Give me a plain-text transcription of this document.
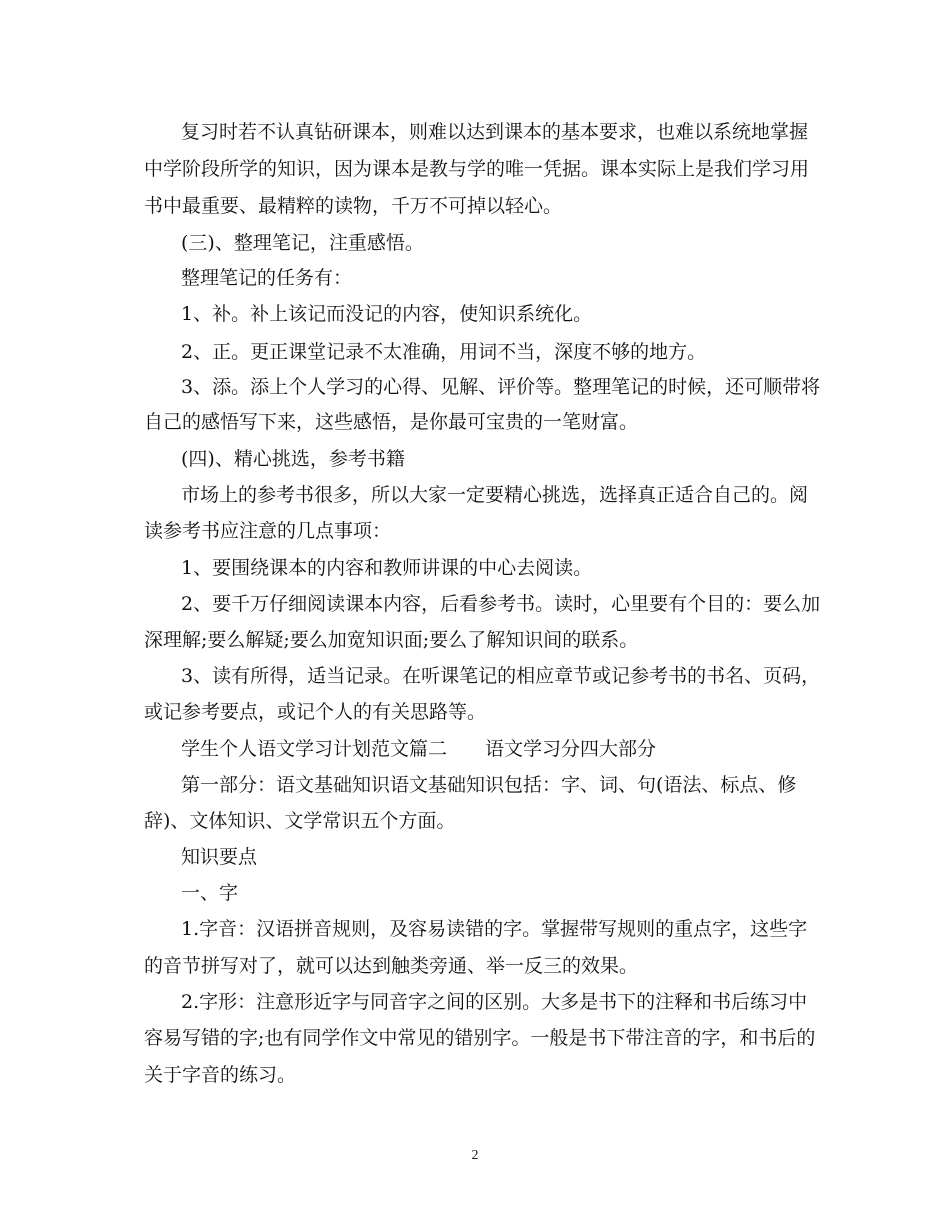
复习时若不认真钻研课本，则难以达到课本的基本要求，也难以系统地掌握
中学阶段所学的知识，因为课本是教与学的唯一凭据。课本实际上是我们学习用
书中最重要、最精粹的读物，千万不可掉以轻心。
(三)、整理笔记，注重感悟。
整理笔记的任务有：
1、补。补上该记而没记的内容，使知识系统化。
2、正。更正课堂记录不太准确，用词不当，深度不够的地方。
3、添。添上个人学习的心得、见解、评价等。整理笔记的时候，还可顺带将
自己的感悟写下来，这些感悟，是你最可宝贵的一笔财富。
(四)、精心挑选，参考书籍
市场上的参考书很多，所以大家一定要精心挑选，选择真正适合自己的。阅
读参考书应注意的几点事项：
1、要围绕课本的内容和教师讲课的中心去阅读。
2、要千万仔细阅读课本内容，后看参考书。读时，心里要有个目的：要么加
深理解;要么解疑;要么加宽知识面;要么了解知识间的联系。
3、读有所得，适当记录。在听课笔记的相应章节或记参考书的书名、页码，
或记参考要点，或记个人的有关思路等。
学生个人语文学习计划范文篇二　　语文学习分四大部分
第一部分：语文基础知识语文基础知识包括：字、词、句(语法、标点、修
辞)、文体知识、文学常识五个方面。
知识要点
一、字
1.字音：汉语拼音规则，及容易读错的字。掌握带写规则的重点字，这些字
的音节拼写对了，就可以达到触类旁通、举一反三的效果。
2.字形：注意形近字与同音字之间的区别。大多是书下的注释和书后练习中
容易写错的字;也有同学作文中常见的错别字。一般是书下带注音的字，和书后的
关于字音的练习。
2
